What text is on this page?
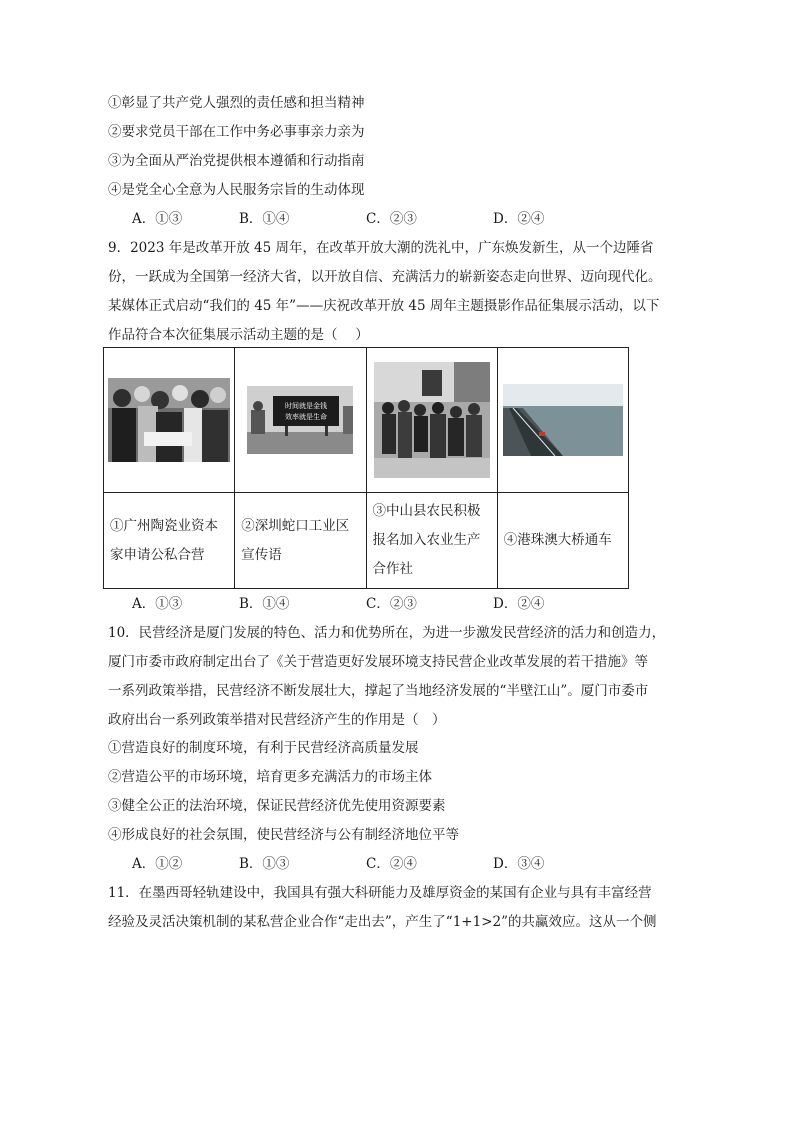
①彰显了共产党人强烈的责任感和担当精神
②要求党员干部在工作中务必事事亲力亲为
③为全面从严治党提供根本遵循和行动指南
④是党全心全意为人民服务宗旨的生动体现
A．①③	B．①④	C．②③	D．②④
9．2023 年是改革开放 45 周年，在改革开放大潮的洗礼中，广东焕发新生，从一个边陲省
份，一跃成为全国第一经济大省，以开放自信、充满活力的崭新姿态走向世界、迈向现代化。
某媒体正式启动“我们的 45 年”——庆祝改革开放 45 周年主题摄影作品征集展示活动，以下
作品符合本次征集展示活动主题的是（　 ）

时间就是金钱
效率就是生命

①广州陶瓷业资本家申请公私合营	②深圳蛇口工业区宣传语	③中山县农民积极报名加入农业生产合作社	④港珠澳大桥通车
A．①③	B．①④	C．②③	D．②④
10．民营经济是厦门发展的特色、活力和优势所在，为进一步激发民营经济的活力和创造力，
厦门市委市政府制定出台了《关于营造更好发展环境支持民营企业改革发展的若干措施》等
一系列政策举措，民营经济不断发展壮大，撑起了当地经济发展的“半壁江山”。厦门市委市
政府出台一系列政策举措对民营经济产生的作用是（　）
①营造良好的制度环境，有利于民营经济高质量发展
②营造公平的市场环境，培育更多充满活力的市场主体
③健全公正的法治环境，保证民营经济优先使用资源要素
④形成良好的社会氛围，使民营经济与公有制经济地位平等
A．①②	B．①③	C．②④	D．③④
11．在墨西哥轻轨建设中，我国具有强大科研能力及雄厚资金的某国有企业与具有丰富经营
经验及灵活决策机制的某私营企业合作“走出去”，产生了“1+1>2”的共赢效应。这从一个侧
